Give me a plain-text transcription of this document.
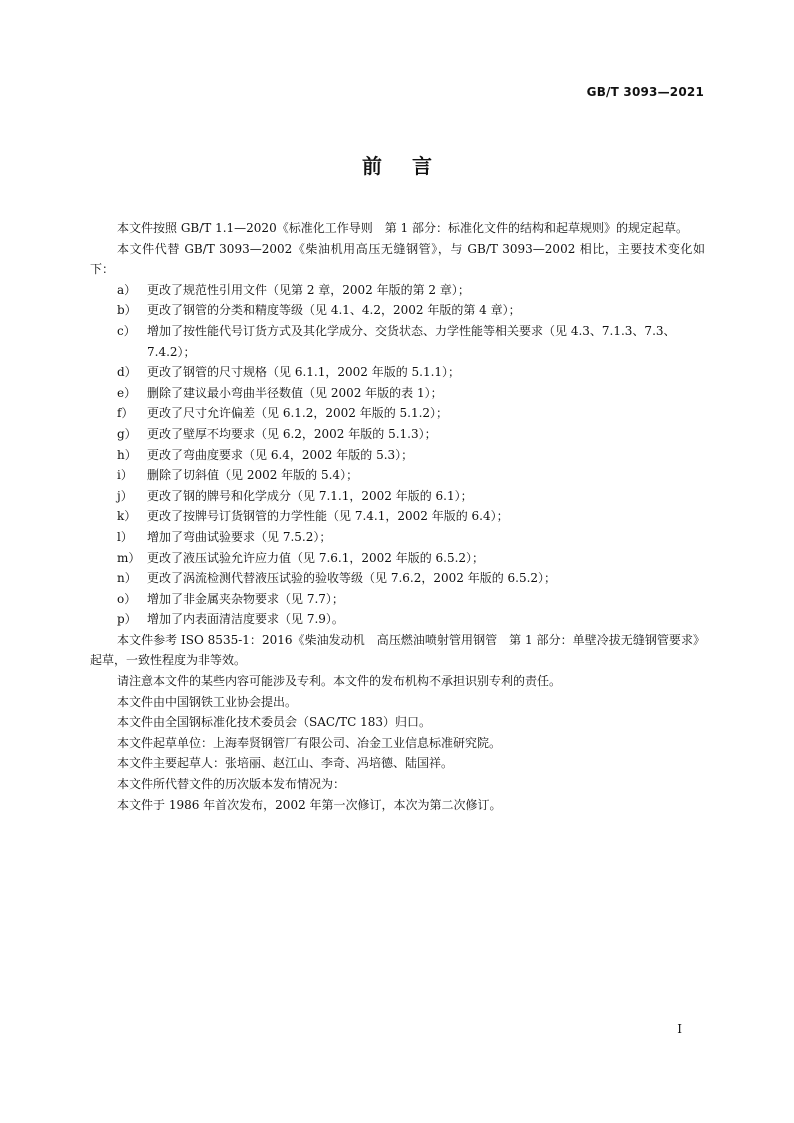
GB/T 3093—2021
前言

本文件按照 GB/T 1.1—2020《标准化工作导则　第 1 部分：标准化文件的结构和起草规则》的规定起草。

本文件代替 GB/T 3093—2002《柴油机用高压无缝钢管》，与 GB/T 3093—2002 相比，主要技术变化如下：

a） 更改了规范性引用文件（见第 2 章，2002 年版的第 2 章）；

b） 更改了钢管的分类和精度等级（见 4.1、4.2，2002 年版的第 4 章）；

c） 增加了按性能代号订货方式及其化学成分、交货状态、力学性能等相关要求（见 4.3、7.1.3、7.3、7.4.2）；

d） 更改了钢管的尺寸规格（见 6.1.1，2002 年版的 5.1.1）；

e） 删除了建议最小弯曲半径数值（见 2002 年版的表 1）；

f） 更改了尺寸允许偏差（见 6.1.2，2002 年版的 5.1.2）；

g） 更改了壁厚不均要求（见 6.2，2002 年版的 5.1.3）；

h） 更改了弯曲度要求（见 6.4，2002 年版的 5.3）；

i） 删除了切斜值（见 2002 年版的 5.4）；

j） 更改了钢的牌号和化学成分（见 7.1.1，2002 年版的 6.1）；

k） 更改了按牌号订货钢管的力学性能（见 7.4.1，2002 年版的 6.4）；

l） 增加了弯曲试验要求（见 7.5.2）；

m） 更改了液压试验允许应力值（见 7.6.1，2002 年版的 6.5.2）；

n） 更改了涡流检测代替液压试验的验收等级（见 7.6.2，2002 年版的 6.5.2）；

o） 增加了非金属夹杂物要求（见 7.7）；

p） 增加了内表面清洁度要求（见 7.9）。

本文件参考 ISO 8535-1：2016《柴油发动机　高压燃油喷射管用钢管　第 1 部分：单壁冷拔无缝钢管要求》起草，一致性程度为非等效。

请注意本文件的某些内容可能涉及专利。本文件的发布机构不承担识别专利的责任。

本文件由中国钢铁工业协会提出。

本文件由全国钢标准化技术委员会（SAC/TC 183）归口。

本文件起草单位：上海奉贤钢管厂有限公司、冶金工业信息标准研究院。

本文件主要起草人：张培丽、赵江山、李奇、冯培德、陆国祥。

本文件所代替文件的历次版本发布情况为：

本文件于 1986 年首次发布，2002 年第一次修订，本次为第二次修订。

I
